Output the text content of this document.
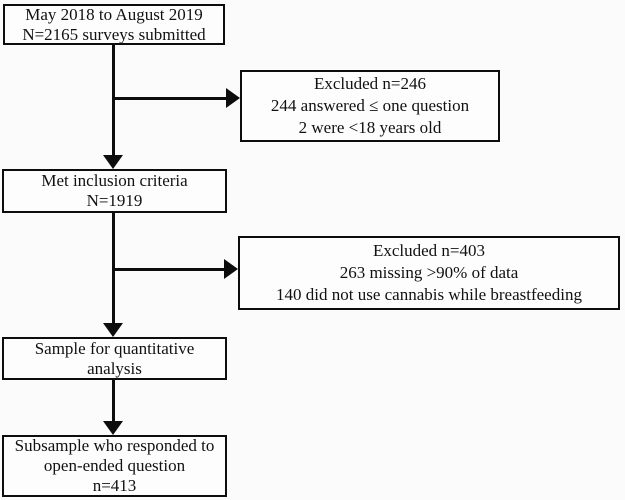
May 2018 to August 2019
N=2165 surveys submitted
Excluded n=246
244 answered ≤ one question
2 were <18 years old
Met inclusion criteria
N=1919
Excluded n=403
263 missing >90% of data
140 did not use cannabis while breastfeeding
Sample for quantitative
analysis
Subsample who responded to
open-ended question
n=413
